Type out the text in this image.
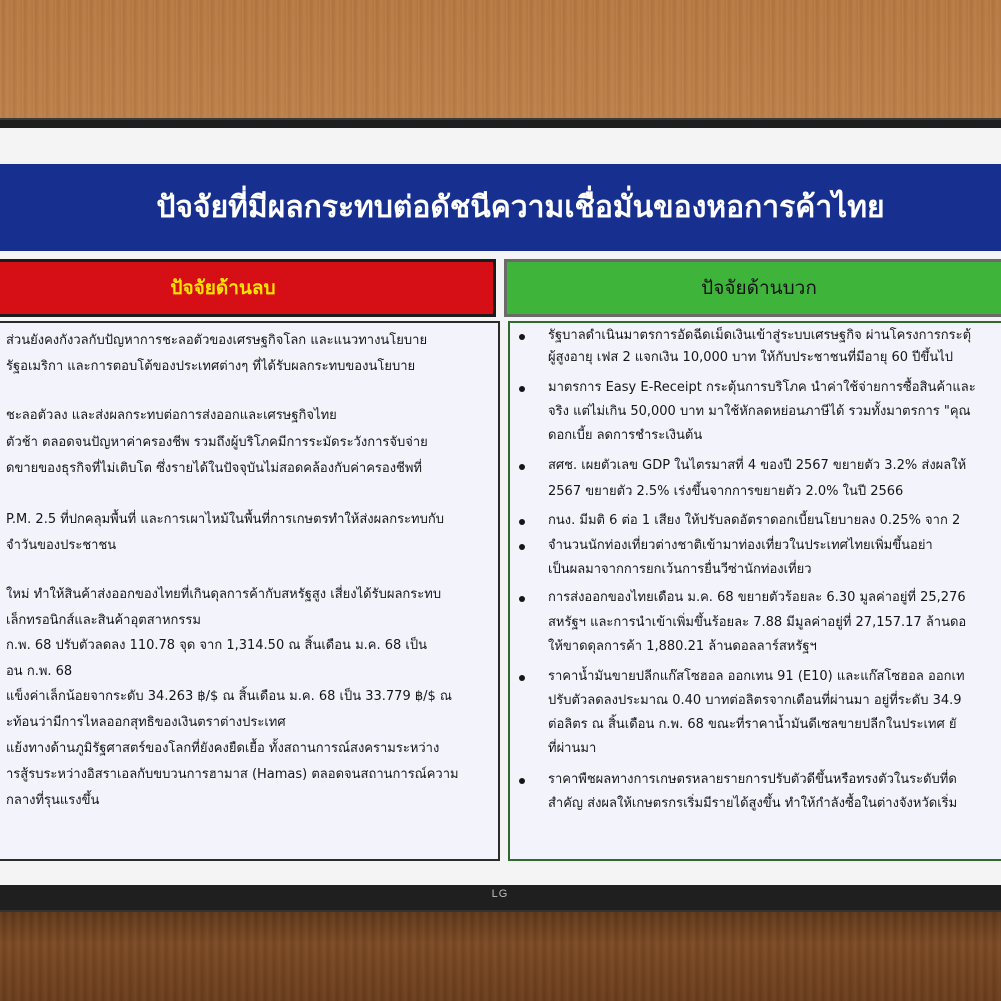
LG
ปัจจัยที่มีผลกระทบต่อดัชนีความเชื่อมั่นของหอการค้าไทย
ปัจจัยด้านลบ	ปัจจัยด้านบวก
ส่วนยังคงกังวลกับปัญหาการชะลอตัวของเศรษฐกิจโลก และแนวทางนโยบาย
รัฐอเมริกา และการตอบโต้ของประเทศต่างๆ ที่ได้รับผลกระทบของนโยบาย
ชะลอตัวลง และส่งผลกระทบต่อการส่งออกและเศรษฐกิจไทย
ตัวช้า ตลอดจนปัญหาค่าครองชีพ รวมถึงผู้บริโภคมีการระมัดระวังการจับจ่าย
ดขายของธุรกิจที่ไม่เติบโต ซึ่งรายได้ในปัจจุบันไม่สอดคล้องกับค่าครองชีพที่
P.M. 2.5 ที่ปกคลุมพื้นที่ และการเผาไหม้ในพื้นที่การเกษตรทำให้ส่งผลกระทบกับ
จำวันของประชาชน
ใหม่ ทำให้สินค้าส่งออกของไทยที่เกินดุลการค้ากับสหรัฐสูง เสี่ยงได้รับผลกระทบ
เล็กทรอนิกส์และสินค้าอุตสาหกรรม
ก.พ. 68 ปรับตัวลดลง 110.78 จุด จาก 1,314.50 ณ สิ้นเดือน ม.ค. 68 เป็น
อน ก.พ. 68
แข็งค่าเล็กน้อยจากระดับ 34.263 ฿/$ ณ สิ้นเดือน ม.ค. 68 เป็น 33.779 ฿/$ ณ
ะท้อนว่ามีการไหลออกสุทธิของเงินตราต่างประเทศ
แย้งทางด้านภูมิรัฐศาสตร์ของโลกที่ยังคงยืดเยื้อ ทั้งสถานการณ์สงครามระหว่าง
ารสู้รบระหว่างอิสราเอลกับขบวนการฮามาส (Hamas) ตลอดจนสถานการณ์ความ
กลางที่รุนแรงขึ้น
รัฐบาลดำเนินมาตรการอัดฉีดเม็ดเงินเข้าสู่ระบบเศรษฐกิจ ผ่านโครงการกระตุ้
ผู้สูงอายุ เฟส 2 แจกเงิน 10,000 บาท ให้กับประชาชนที่มีอายุ 60 ปีขึ้นไป
มาตรการ Easy E-Receipt กระตุ้นการบริโภค นำค่าใช้จ่ายการซื้อสินค้าและ
จริง แต่ไม่เกิน 50,000 บาท มาใช้หักลดหย่อนภาษีได้ รวมทั้งมาตรการ "คุณ
ดอกเบี้ย ลดการชำระเงินต้น
สศช. เผยตัวเลข GDP ในไตรมาสที่ 4 ของปี 2567 ขยายตัว 3.2% ส่งผลให้
2567 ขยายตัว 2.5% เร่งขึ้นจากการขยายตัว 2.0% ในปี 2566
กนง. มีมติ 6 ต่อ 1 เสียง ให้ปรับลดอัตราดอกเบี้ยนโยบายลง 0.25% จาก 2
จำนวนนักท่องเที่ยวต่างชาติเข้ามาท่องเที่ยวในประเทศไทยเพิ่มขึ้นอย่า
เป็นผลมาจากการยกเว้นการยื่นวีซ่านักท่องเที่ยว
การส่งออกของไทยเดือน ม.ค. 68 ขยายตัวร้อยละ 6.30 มูลค่าอยู่ที่ 25,276
สหรัฐฯ และการนำเข้าเพิ่มขึ้นร้อยละ 7.88 มีมูลค่าอยู่ที่ 27,157.17 ล้านดอ
ให้ขาดดุลการค้า 1,880.21 ล้านดอลลาร์สหรัฐฯ
ราคาน้ำมันขายปลีกแก๊สโซฮอล ออกเทน 91 (E10) และแก๊สโซฮอล ออกเท
ปรับตัวลดลงประมาณ 0.40 บาทต่อลิตรจากเดือนที่ผ่านมา อยู่ที่ระดับ 34.9
ต่อลิตร ณ สิ้นเดือน ก.พ. 68 ขณะที่ราคาน้ำมันดีเซลขายปลีกในประเทศ ยั
ที่ผ่านมา
ราคาพืชผลทางการเกษตรหลายรายการปรับตัวดีขึ้นหรือทรงตัวในระดับที่ด
สำคัญ ส่งผลให้เกษตรกรเริ่มมีรายได้สูงขึ้น ทำให้กำลังซื้อในต่างจังหวัดเริ่ม
